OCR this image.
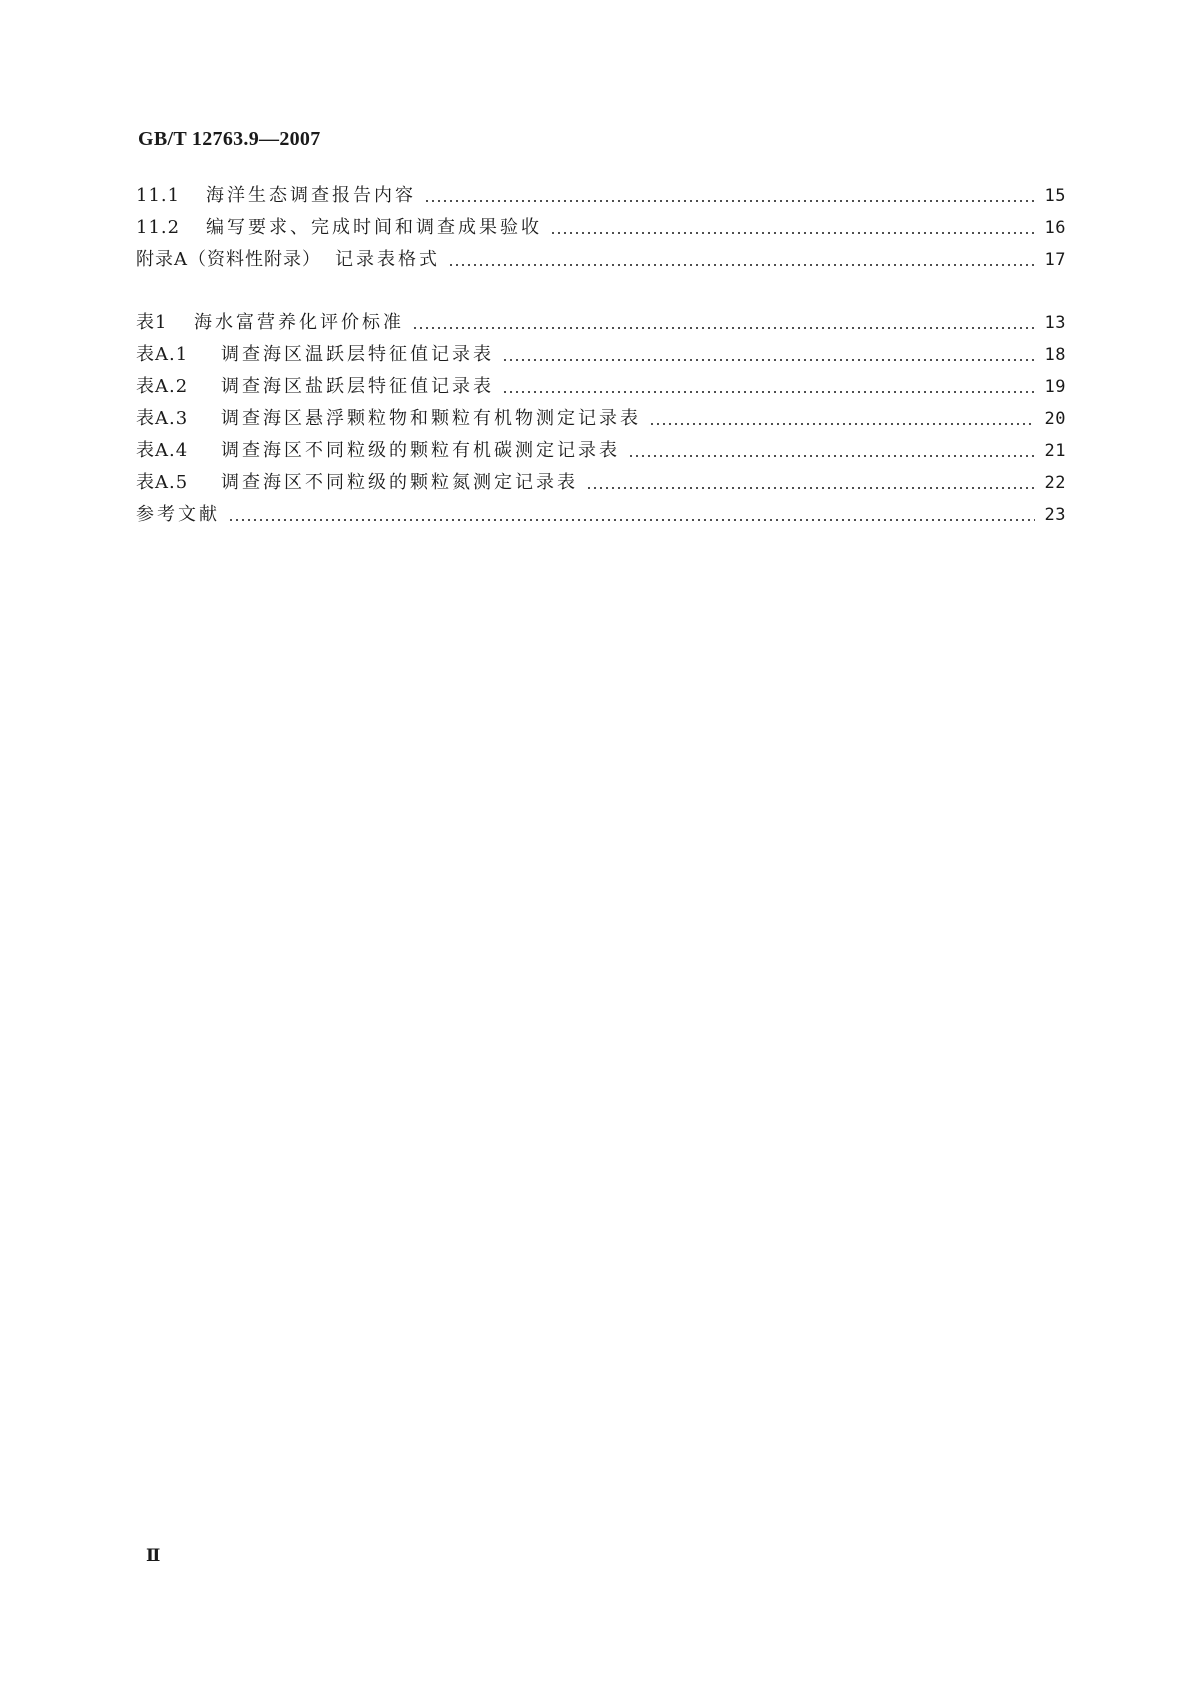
GB/T 12763.9—2007
11.1	海洋生态调查报告内容	15
11.2	编写要求、完成时间和调查成果验收	16
附录A（资料性附录） 记录表格式	17
表1	海水富营养化评价标准	13
表A.1	调查海区温跃层特征值记录表	18
表A.2	调查海区盐跃层特征值记录表	19
表A.3	调查海区悬浮颗粒物和颗粒有机物测定记录表	20
表A.4	调查海区不同粒级的颗粒有机碳测定记录表	21
表A.5	调查海区不同粒级的颗粒氮测定记录表	22
参考文献	23
Ⅱ
